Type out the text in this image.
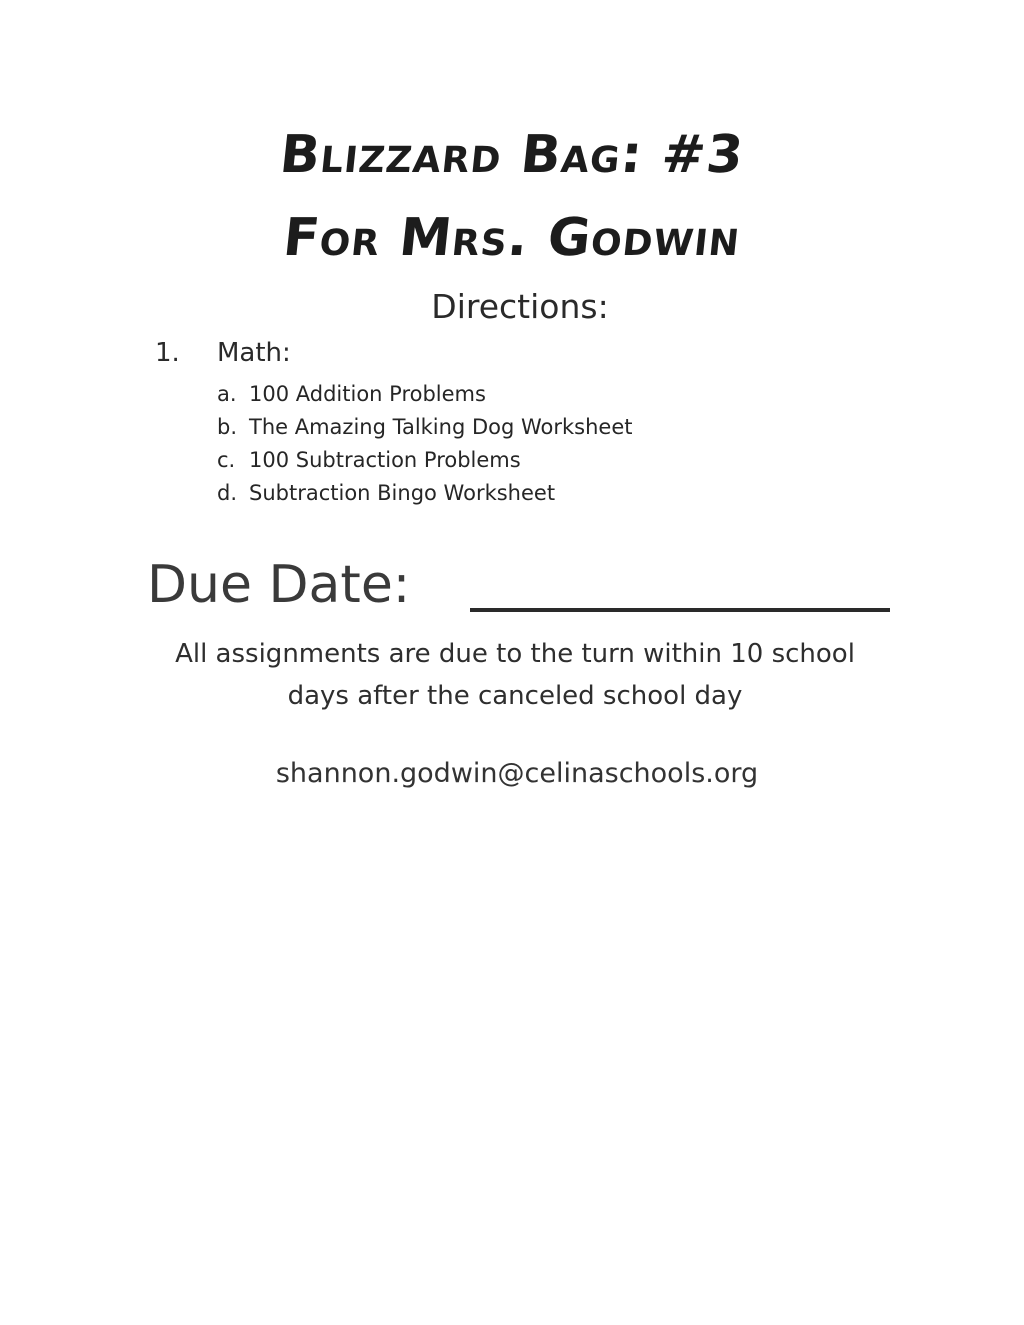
Blizzard Bag: #3
For Mrs. Godwin
Directions:
1. Math:
a. 100 Addition Problems
b. The Amazing Talking Dog Worksheet
c. 100 Subtraction Problems
d. Subtraction Bingo Worksheet
Due Date:
All assignments are due to the turn within 10 school
days after the canceled school day
shannon.godwin@celinaschools.org
